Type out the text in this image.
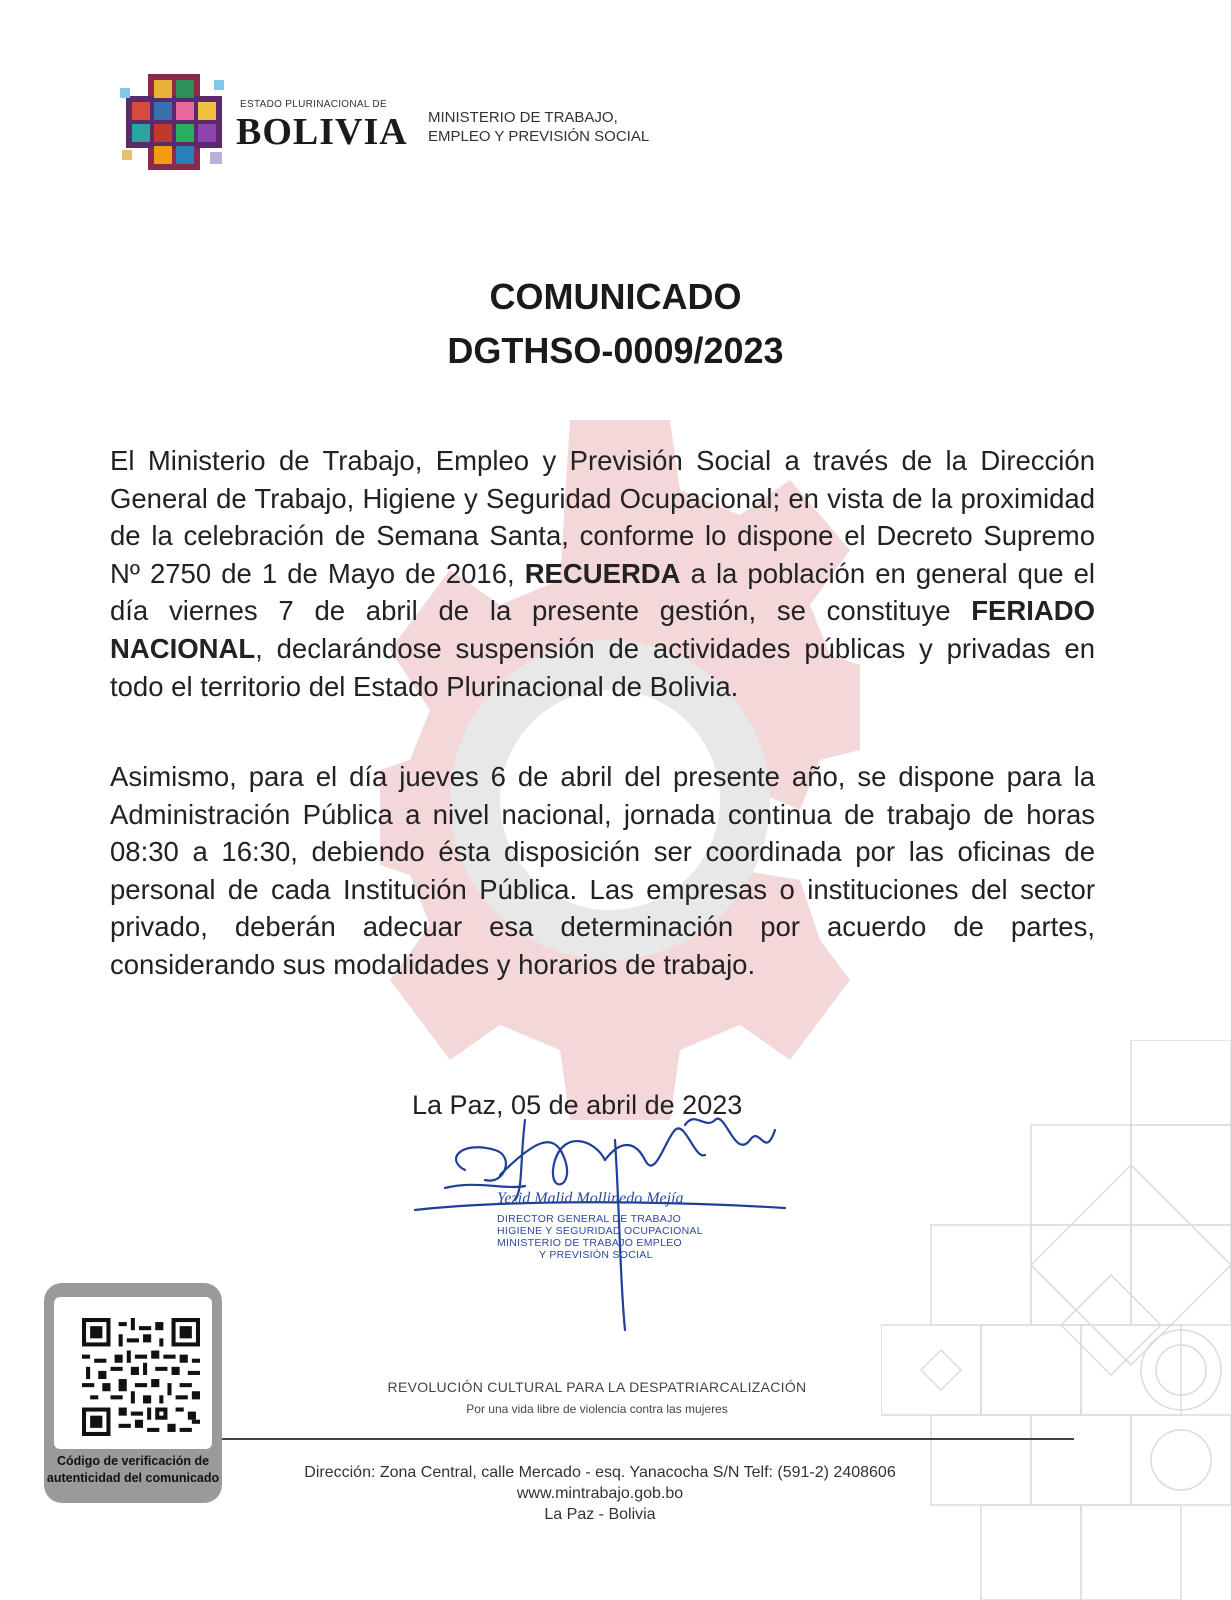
ESTADO PLURINACIONAL DE
BOLIVIA MINISTERIO DE TRABAJO,
EMPLEO Y PREVISIÓN SOCIAL
COMUNICADO
DGTHSO-0009/2023
El Ministerio de Trabajo, Empleo y Previsión Social a través de la Dirección General de Trabajo, Higiene y Seguridad Ocupacional; en vista de la proximidad de la celebración de Semana Santa, conforme lo dispone el Decreto Supremo Nº 2750 de 1 de Mayo de 2016, RECUERDA a la población en general que el día viernes 7 de abril de la presente gestión, se constituye FERIADO NACIONAL, declarándose suspensión de actividades públicas y privadas en todo el territorio del Estado Plurinacional de Bolivia.
Asimismo, para el día jueves 6 de abril del presente año, se dispone para la Administración Pública a nivel nacional, jornada continua de trabajo de horas 08:30 a 16:30, debiendo ésta disposición ser coordinada por las oficinas de personal de cada Institución Pública. Las empresas o instituciones del sector privado, deberán adecuar esa determinación por acuerdo de partes, considerando sus modalidades y horarios de trabajo.
La Paz, 05 de abril de 2023
Yezid Malid Mollinedo Mejía
DIRECTOR GENERAL DE TRABAJO
HIGIENE Y SEGURIDAD OCUPACIONAL
MINISTERIO DE TRABAJO EMPLEO
Y PREVISIÓN SOCIAL
Código de verificación de
autenticidad del comunicado
REVOLUCIÓN CULTURAL PARA LA DESPATRIARCALIZACIÓN
Por una vida libre de violencia contra las mujeres
Dirección: Zona Central, calle Mercado - esq. Yanacocha S/N Telf: (591-2) 2408606
www.mintrabajo.gob.bo
La Paz - Bolivia
